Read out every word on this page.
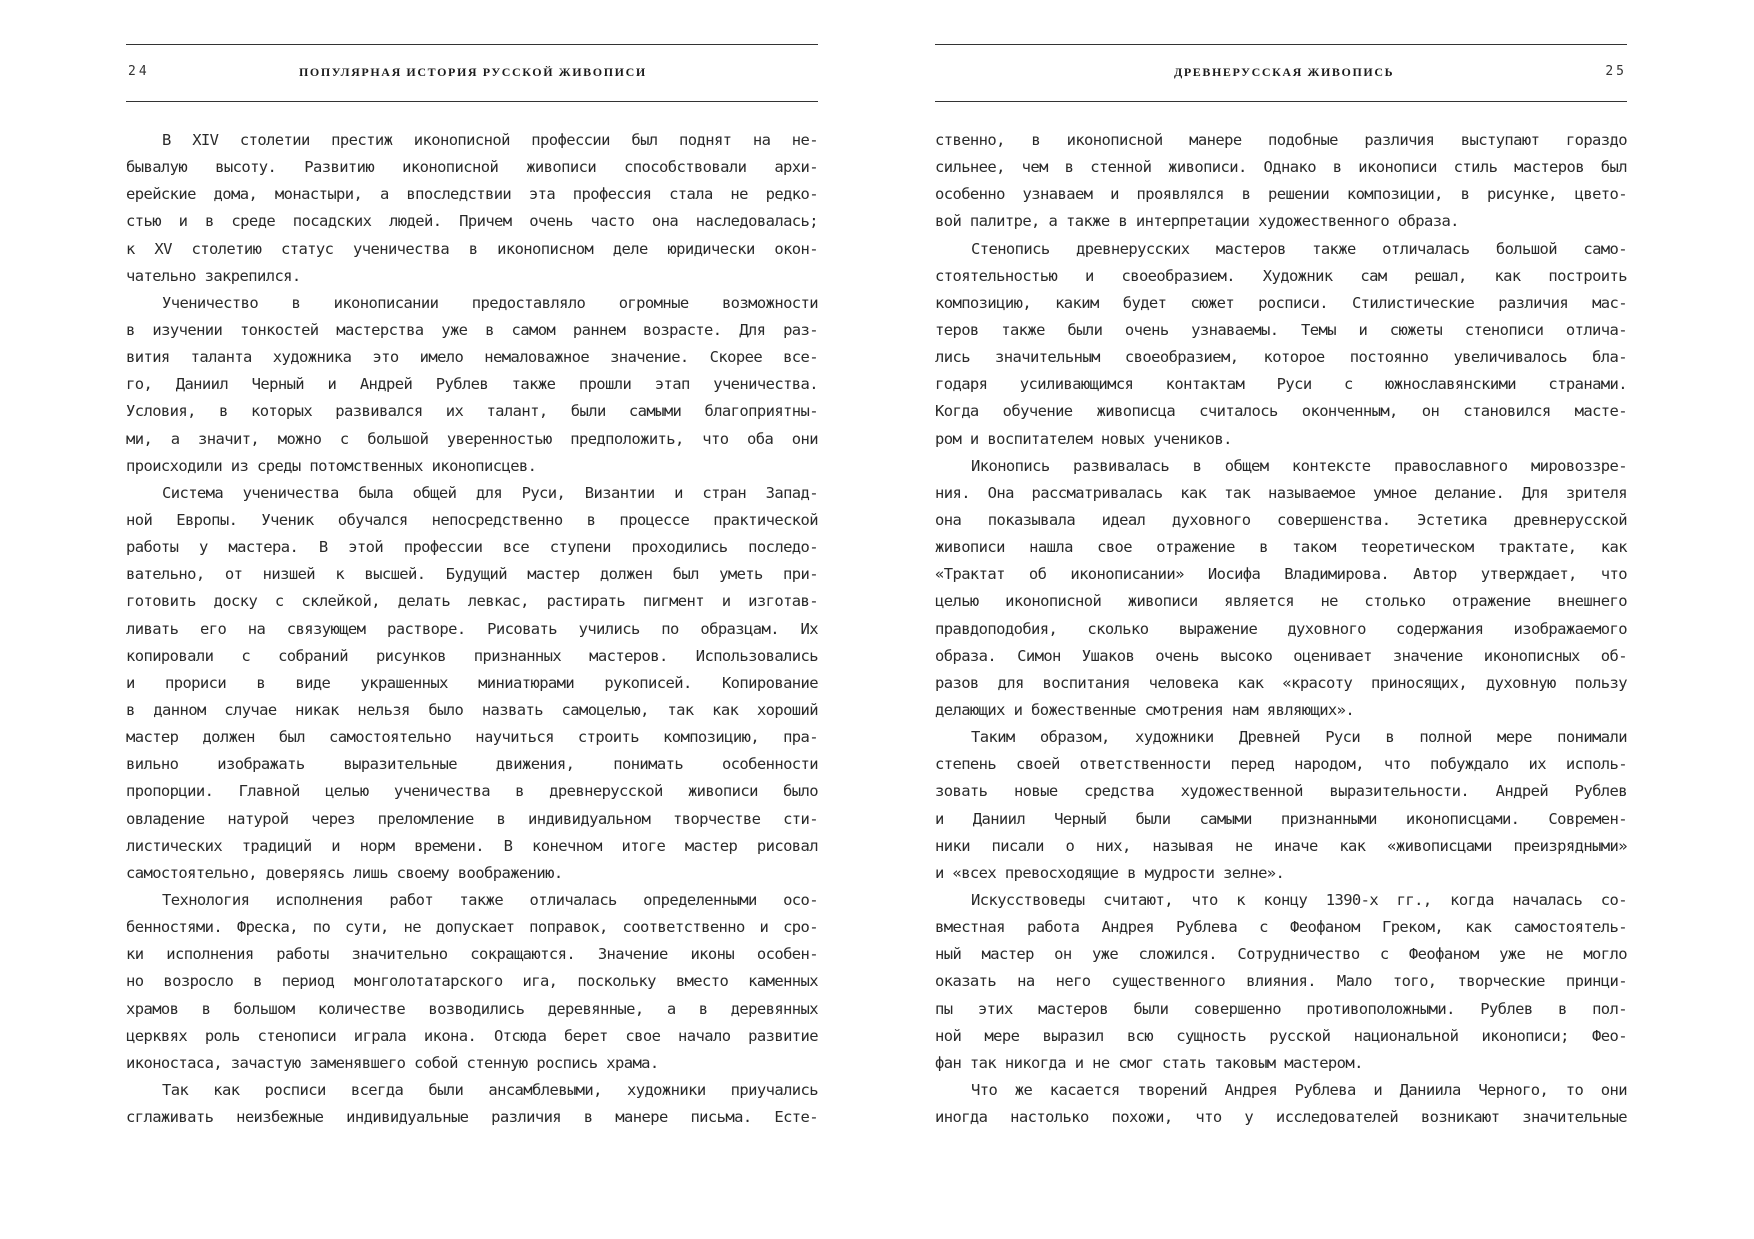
24	ПОПУЛЯРНАЯ ИСТОРИЯ РУССКОЙ ЖИВОПИСИ
В XIV столетии престиж иконописной профессии был поднят на не-
бывалую высоту. Развитию иконописной живописи способствовали архи-
ерейские дома, монастыри, а впоследствии эта профессия стала не редко-
стью и в среде посадских людей. Причем очень часто она наследовалась;
к XV столетию статус ученичества в иконописном деле юридически окон-
чательно закрепился.
Ученичество в иконописании предоставляло огромные возможности
в изучении тонкостей мастерства уже в самом раннем возрасте. Для раз-
вития таланта художника это имело немаловажное значение. Скорее все-
го, Даниил Черный и Андрей Рублев также прошли этап ученичества.
Условия, в которых развивался их талант, были самыми благоприятны-
ми, а значит, можно с большой уверенностью предположить, что оба они
происходили из среды потомственных иконописцев.
Система ученичества была общей для Руси, Византии и стран Запад-
ной Европы. Ученик обучался непосредственно в процессе практической
работы у мастера. В этой профессии все ступени проходились последо-
вательно, от низшей к высшей. Будущий мастер должен был уметь при-
готовить доску с склейкой, делать левкас, растирать пигмент и изготав-
ливать его на связующем растворе. Рисовать учились по образцам. Их
копировали с собраний рисунков признанных мастеров. Использовались
и прориси в виде украшенных миниатюрами рукописей. Копирование
в данном случае никак нельзя было назвать самоцелью, так как хороший
мастер должен был самостоятельно научиться строить композицию, пра-
вильно изображать выразительные движения, понимать особенности
пропорции. Главной целью ученичества в древнерусской живописи было
овладение натурой через преломление в индивидуальном творчестве сти-
листических традиций и норм времени. В конечном итоге мастер рисовал
самостоятельно, доверяясь лишь своему воображению.
Технология исполнения работ также отличалась определенными осо-
бенностями. Фреска, по сути, не допускает поправок, соответственно и сро-
ки исполнения работы значительно сокращаются. Значение иконы особен-
но возросло в период монголотатарского ига, поскольку вместо каменных
храмов в большом количестве возводились деревянные, а в деревянных
церквях роль стенописи играла икона. Отсюда берет свое начало развитие
иконостаса, зачастую заменявшего собой стенную роспись храма.
Так как росписи всегда были ансамблевыми, художники приучались
сглаживать неизбежные индивидуальные различия в манере письма. Есте-
ДРЕВНЕРУССКАЯ ЖИВОПИСЬ	25
ственно, в иконописной манере подобные различия выступают гораздо
сильнее, чем в стенной живописи. Однако в иконописи стиль мастеров был
особенно узнаваем и проявлялся в решении композиции, в рисунке, цвето-
вой палитре, а также в интерпретации художественного образа.
Стенопись древнерусских мастеров также отличалась большой само-
стоятельностью и своеобразием. Художник сам решал, как построить
композицию, каким будет сюжет росписи. Стилистические различия мас-
теров также были очень узнаваемы. Темы и сюжеты стенописи отлича-
лись значительным своеобразием, которое постоянно увеличивалось бла-
годаря усиливающимся контактам Руси с южнославянскими странами.
Когда обучение живописца считалось оконченным, он становился масте-
ром и воспитателем новых учеников.
Иконопись развивалась в общем контексте православного мировоззре-
ния. Она рассматривалась как так называемое умное делание. Для зрителя
она показывала идеал духовного совершенства. Эстетика древнерусской
живописи нашла свое отражение в таком теоретическом трактате, как
«Трактат об иконописании» Иосифа Владимирова. Автор утверждает, что
целью иконописной живописи является не столько отражение внешнего
правдоподобия, сколько выражение духовного содержания изображаемого
образа. Симон Ушаков очень высоко оценивает значение иконописных об-
разов для воспитания человека как «красоту приносящих, духовную пользу
делающих и божественные смотрения нам являющих».
Таким образом, художники Древней Руси в полной мере понимали
степень своей ответственности перед народом, что побуждало их исполь-
зовать новые средства художественной выразительности. Андрей Рублев
и Даниил Черный были самыми признанными иконописцами. Современ-
ники писали о них, называя не иначе как «живописцами преизрядными»
и «всех превосходящие в мудрости зелне».
Искусствоведы считают, что к концу 1390-х гг., когда началась со-
вместная работа Андрея Рублева с Феофаном Греком, как самостоятель-
ный мастер он уже сложился. Сотрудничество с Феофаном уже не могло
оказать на него существенного влияния. Мало того, творческие принци-
пы этих мастеров были совершенно противоположными. Рублев в пол-
ной мере выразил всю сущность русской национальной иконописи; Фео-
фан так никогда и не смог стать таковым мастером.
Что же касается творений Андрея Рублева и Даниила Черного, то они
иногда настолько похожи, что у исследователей возникают значительные
